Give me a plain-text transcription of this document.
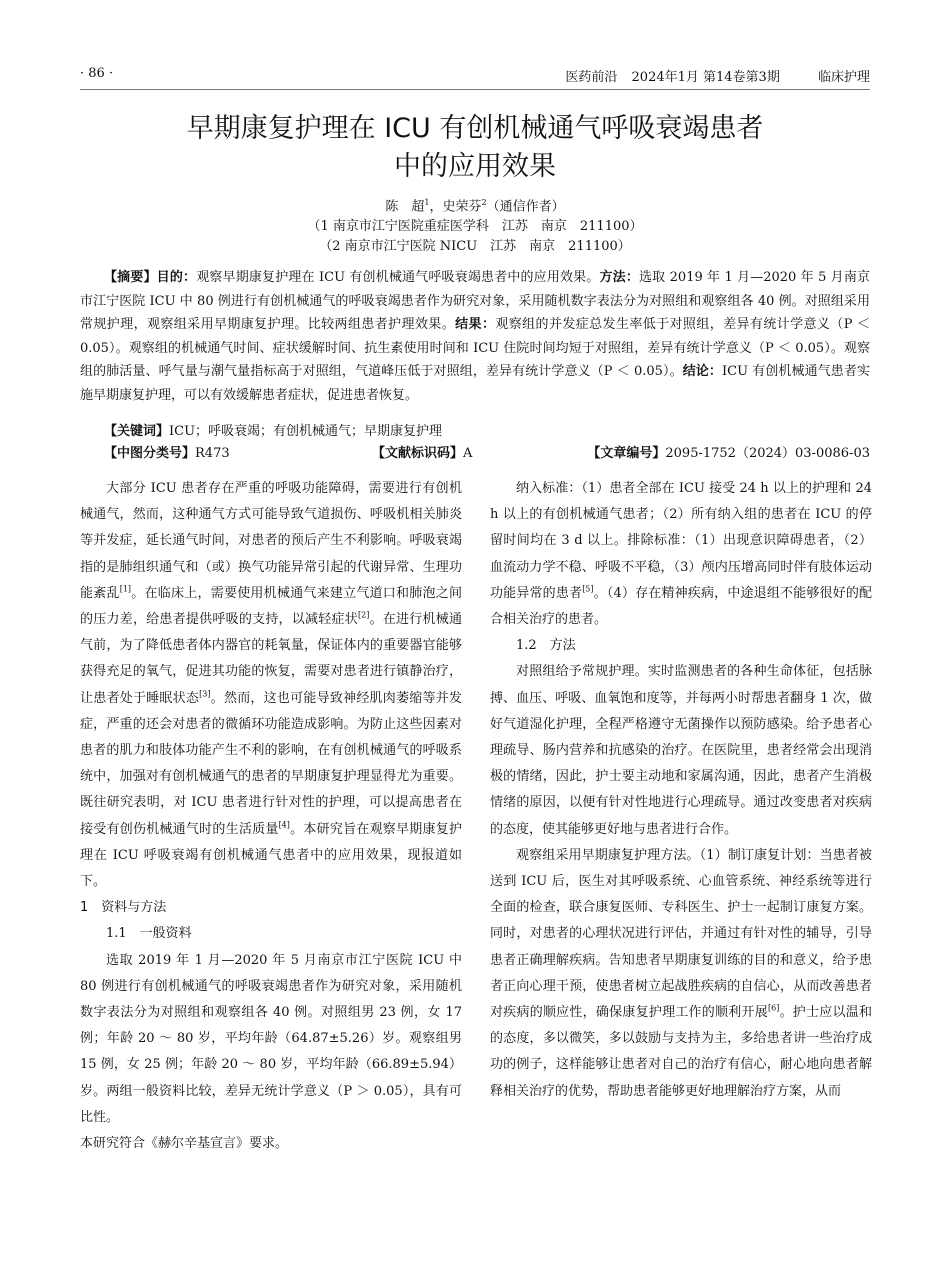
· 86 ·	医药前沿 2024年1月 第14卷第3期	临床护理
早期康复护理在 ICU 有创机械通气呼吸衰竭患者
中的应用效果
陈　超$^1$，史荣芬$^2$（通信作者）
（1 南京市江宁医院重症医学科　江苏　南京　211100）
（2 南京市江宁医院 NICU　江苏　南京　211100）
【摘要】目的：观察早期康复护理在 ICU 有创机械通气呼吸衰竭患者中的应用效果。方法：选取 2019 年 1 月—2020 年 5 月南京市江宁医院 ICU 中 80 例进行有创机械通气的呼吸衰竭患者作为研究对象，采用随机数字表法分为对照组和观察组各 40 例。对照组采用常规护理，观察组采用早期康复护理。比较两组患者护理效果。结果：观察组的并发症总发生率低于对照组，差异有统计学意义（P ＜ 0.05）。观察组的机械通气时间、症状缓解时间、抗生素使用时间和 ICU 住院时间均短于对照组，差异有统计学意义（P ＜ 0.05）。观察组的肺活量、呼气量与潮气量指标高于对照组，气道峰压低于对照组，差异有统计学意义（P ＜ 0.05）。结论：ICU 有创机械通气患者实施早期康复护理，可以有效缓解患者症状，促进患者恢复。
【关键词】ICU；呼吸衰竭；有创机械通气；早期康复护理
【中图分类号】R473	【文献标识码】A	【文章编号】2095-1752（2024）03-0086-03

大部分 ICU 患者存在严重的呼吸功能障碍，需要进行有创机械通气，然而，这种通气方式可能导致气道损伤、呼吸机相关肺炎等并发症，延长通气时间，对患者的预后产生不利影响。呼吸衰竭指的是肺组织通气和（或）换气功能异常引起的代谢异常、生理功能紊乱[1]。在临床上，需要使用机械通气来建立气道口和肺泡之间的压力差，给患者提供呼吸的支持，以减轻症状[2]。在进行机械通气前，为了降低患者体内器官的耗氧量，保证体内的重要器官能够获得充足的氧气，促进其功能的恢复，需要对患者进行镇静治疗，让患者处于睡眠状态[3]。然而，这也可能导致神经肌肉萎缩等并发症，严重的还会对患者的微循环功能造成影响。为防止这些因素对患者的肌力和肢体功能产生不利的影响，在有创机械通气的呼吸系统中，加强对有创机械通气的患者的早期康复护理显得尤为重要。既往研究表明，对 ICU 患者进行针对性的护理，可以提高患者在接受有创伤机械通气时的生活质量[4]。本研究旨在观察早期康复护理在 ICU 呼吸衰竭有创机械通气患者中的应用效果，现报道如下。

1　资料与方法

1.1　一般资料

选取 2019 年 1 月—2020 年 5 月南京市江宁医院 ICU 中 80 例进行有创机械通气的呼吸衰竭患者作为研究对象，采用随机数字表法分为对照组和观察组各 40 例。对照组男 23 例，女 17 例；年龄 20 ～ 80 岁，平均年龄（64.87±5.26）岁。观察组男 15 例，女 25 例；年龄 20 ～ 80 岁，平均年龄（66.89±5.94）岁。两组一般资料比较，差异无统计学意义（P ＞ 0.05），具有可比性。

本研究符合《赫尔辛基宣言》要求。

纳入标准：（1）患者全部在 ICU 接受 24 h 以上的护理和 24 h 以上的有创机械通气患者；（2）所有纳入组的患者在 ICU 的停留时间均在 3 d 以上。排除标准：（1）出现意识障碍患者，（2）血流动力学不稳、呼吸不平稳，（3）颅内压增高同时伴有肢体运动功能异常的患者[5]。（4）存在精神疾病，中途退组不能够很好的配合相关治疗的患者。

1.2　方法

对照组给予常规护理。实时监测患者的各种生命体征，包括脉搏、血压、呼吸、血氧饱和度等，并每两小时帮患者翻身 1 次，做好气道湿化护理，全程严格遵守无菌操作以预防感染。给予患者心理疏导、肠内营养和抗感染的治疗。在医院里，患者经常会出现消极的情绪，因此，护士要主动地和家属沟通，因此，患者产生消极情绪的原因，以便有针对性地进行心理疏导。通过改变患者对疾病的态度，使其能够更好地与患者进行合作。

观察组采用早期康复护理方法。（1）制订康复计划：当患者被送到 ICU 后，医生对其呼吸系统、心血管系统、神经系统等进行全面的检查，联合康复医师、专科医生、护士一起制订康复方案。同时，对患者的心理状况进行评估，并通过有针对性的辅导，引导患者正确理解疾病。告知患者早期康复训练的目的和意义，给予患者正向心理干预，使患者树立起战胜疾病的自信心，从而改善患者对疾病的顺应性，确保康复护理工作的顺利开展[6]。护士应以温和的态度，多以微笑，多以鼓励与支持为主，多给患者讲一些治疗成功的例子，这样能够让患者对自己的治疗有信心，耐心地向患者解释相关治疗的优势，帮助患者能够更好地理解治疗方案，从而
